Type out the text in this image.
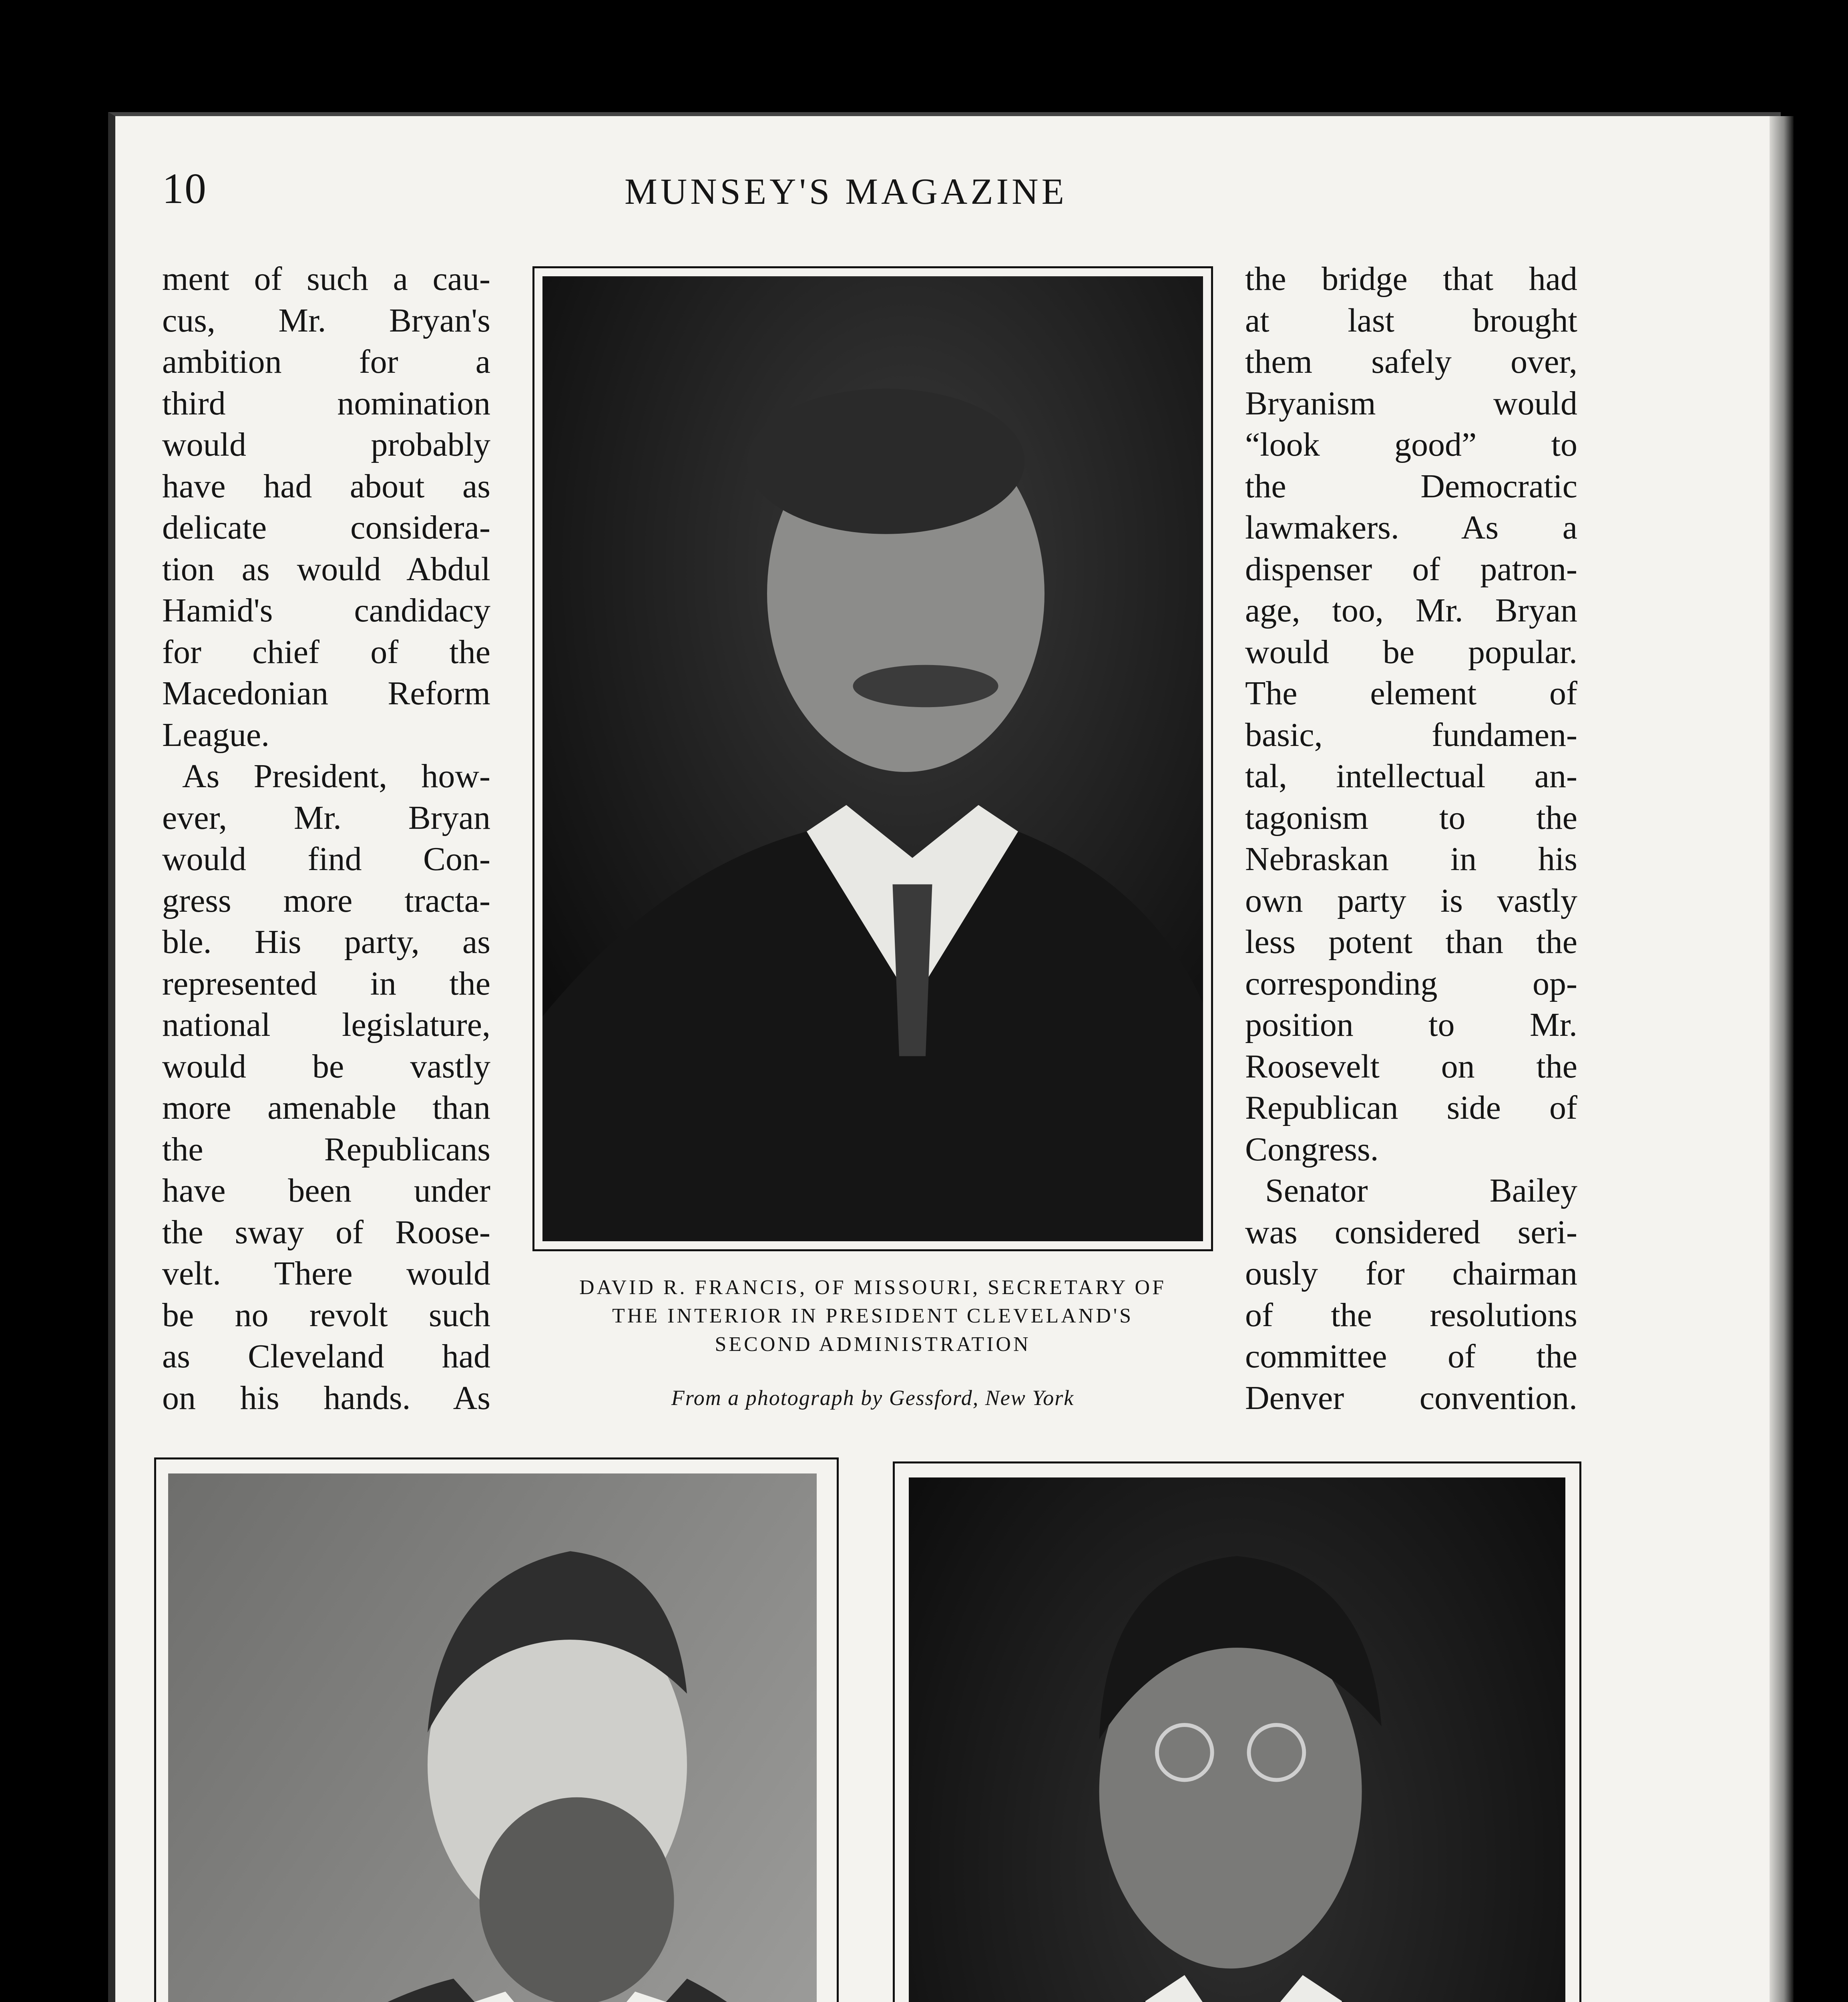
10	MUNSEY'S MAGAZINE
ment of such a cau-
cus, Mr. Bryan's
ambition for a
third nomination
would probably
have had about as
delicate considera-
tion as would Abdul
Hamid's candidacy
for chief of the
Macedonian Reform
League.
As President, how-
ever, Mr. Bryan
would find Con-
gress more tracta-
ble. His party, as
represented in the
national legislature,
would be vastly
more amenable than
the Republicans
have been under
the sway of Roose-
velt. There would
be no revolt such
as Cleveland had
on his hands. As
the bridge that had
at last brought
them safely over,
Bryanism would
“look good” to
the Democratic
lawmakers. As a
dispenser of patron-
age, too, Mr. Bryan
would be popular.
The element of
basic, fundamen-
tal, intellectual an-
tagonism to the
Nebraskan in his
own party is vastly
less potent than the
corresponding op-
position to Mr.
Roosevelt on the
Republican side of
Congress.
Senator Bailey
was considered seri-
ously for chairman
of the resolutions
committee of the
Denver convention.
DAVID R. FRANCIS, OF MISSOURI, SECRETARY OF
THE INTERIOR IN PRESIDENT CLEVELAND'S
SECOND ADMINISTRATION
From a photograph by Gessford, New York
